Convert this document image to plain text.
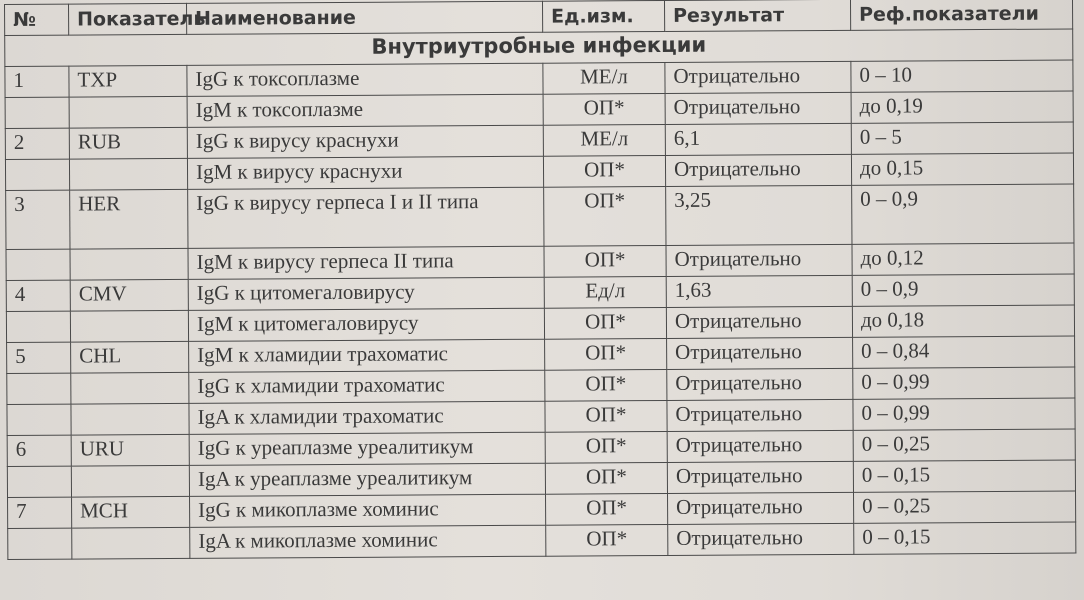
№	Показатель	Наименование	Ед.изм.	Результат	Реф.показатели
Внутриутробные инфекции					
1	TXP	IgG к токсоплазме	МЕ/л	Отрицательно	0 – 10
		IgM к токсоплазме	ОП*	Отрицательно	до 0,19
2	RUB	IgG к вирусу краснухи	МЕ/л	6,1	0 – 5
		IgM к вирусу краснухи	ОП*	Отрицательно	до 0,15
3	HER	IgG к вирусу герпеса I и II типа	ОП*	3,25	0 – 0,9
		IgM к вирусу герпеса II типа	ОП*	Отрицательно	до 0,12
4	CMV	IgG к цитомегаловирусу	Ед/л	1,63	0 – 0,9
		IgM к цитомегаловирусу	ОП*	Отрицательно	до 0,18
5	CHL	IgM к хламидии трахоматис	ОП*	Отрицательно	0 – 0,84
		IgG к хламидии трахоматис	ОП*	Отрицательно	0 – 0,99
		IgA к хламидии трахоматис	ОП*	Отрицательно	0 – 0,99
6	URU	IgG к уреаплазме уреалитикум	ОП*	Отрицательно	0 – 0,25
		IgA к уреаплазме уреалитикум	ОП*	Отрицательно	0 – 0,15
7	MCH	IgG к микоплазме хоминис	ОП*	Отрицательно	0 – 0,25
		IgA к микоплазме хоминис	ОП*	Отрицательно	0 – 0,15
